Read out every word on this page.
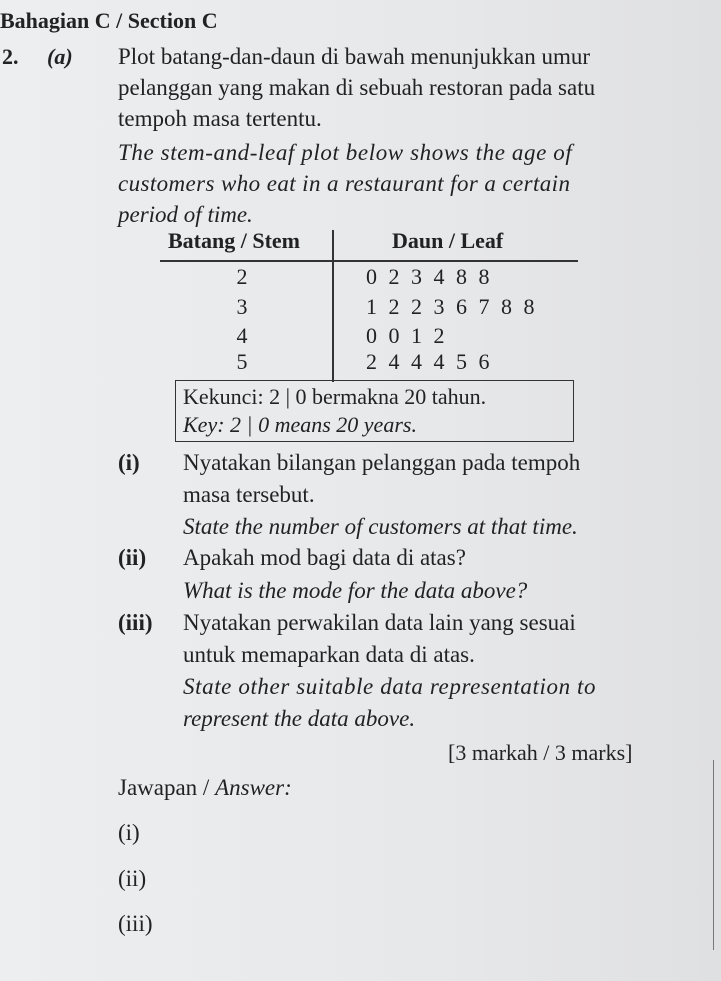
Bahagian C / Section C
2. (a) Plot batang-dan-daun di bawah menunjukkan umur
pelanggan yang makan di sebuah restoran pada satu
tempoh masa tertentu.
The stem-and-leaf plot below shows the age of
customers who eat in a restaurant for a certain
period of time.
Batang / Stem	Daun / Leaf
2	0 2 3 4 8 8
3	1 2 2 3 6 7 8 8
4	0 0 1 2
5	2 4 4 4 5 6
Kekunci: 2 | 0 bermakna 20 tahun.
Key: 2 | 0 means 20 years.
(i) Nyatakan bilangan pelanggan pada tempoh
masa tersebut.
State the number of customers at that time.
(ii) Apakah mod bagi data di atas?
What is the mode for the data above?
(iii) Nyatakan perwakilan data lain yang sesuai
untuk memaparkan data di atas.
State other suitable data representation to
represent the data above.
[3 markah / 3 marks]
Jawapan / Answer:
(i)
(ii)
(iii)
